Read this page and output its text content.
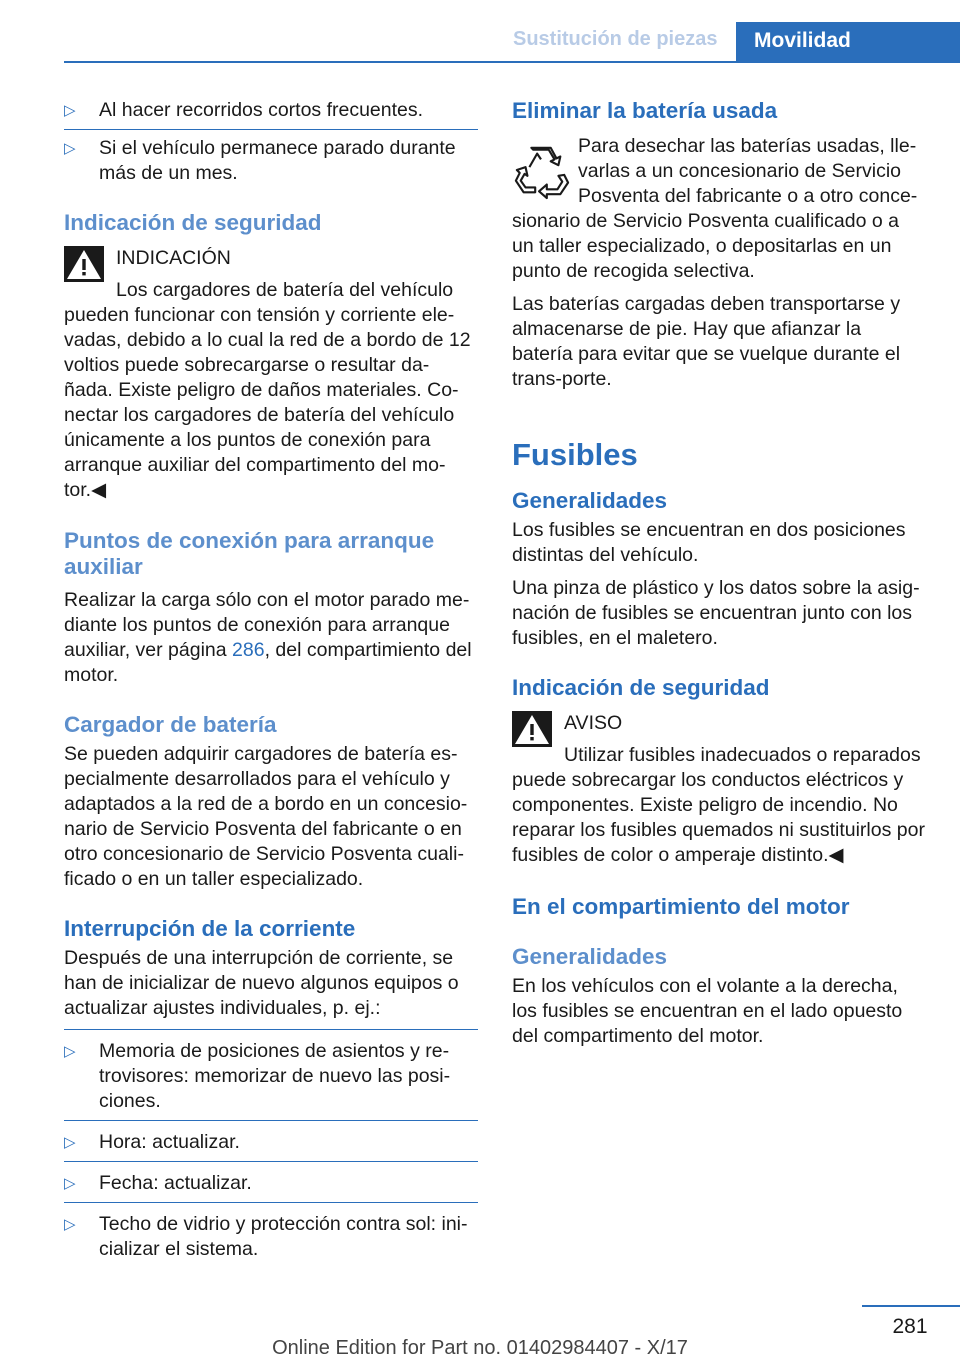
Sustitución de piezas Movilidad
▷ Al hacer recorridos cortos frecuentes.
▷ Si el vehículo permanece parado durante más de un mes.
Indicación de seguridad
INDICACIÓN
Los cargadores de batería del vehículo

pueden funcionar con tensión y corriente ele-vadas, debido a lo cual la red de a bordo de 12 voltios puede sobrecargarse o resultar da-ñada. Existe peligro de daños materiales. Co-nectar los cargadores de batería del vehículo únicamente a los puntos de conexión para arranque auxiliar del compartimento del mo-tor.◀

Puntos de conexión para arranque auxiliar

Realizar la carga sólo con el motor parado me-diante los puntos de conexión para arranque auxiliar, ver página 286, del compartimiento del motor.

Cargador de batería

Se pueden adquirir cargadores de batería es-pecialmente desarrollados para el vehículo y adaptados a la red de a bordo en un concesio-nario de Servicio Posventa del fabricante o en otro concesionario de Servicio Posventa cuali-ficado o en un taller especializado.

Interrupción de la corriente

Después de una interrupción de corriente, se han de inicializar de nuevo algunos equipos o actualizar ajustes individuales, p. ej.:

▷ Memoria de posiciones de asientos y re-trovisores: memorizar de nuevo las posi-ciones.
▷ Hora: actualizar.
▷ Fecha: actualizar.
▷ Techo de vidrio y protección contra sol: ini-cializar el sistema.
Eliminar la batería usada

Para desechar las baterías usadas, lle-varlas a un concesionario de Servicio Posventa del fabricante o a otro conce-sionario de Servicio Posventa cualificado o a un taller especializado, o depositarlas en un punto de recogida selectiva.

Las baterías cargadas deben transportarse y almacenarse de pie. Hay que afianzar la batería para evitar que se vuelque durante el trans-porte.

Fusibles
Generalidades

Los fusibles se encuentran en dos posiciones distintas del vehículo.

Una pinza de plástico y los datos sobre la asig-nación de fusibles se encuentran junto con los fusibles, en el maletero.

Indicación de seguridad
AVISO
Utilizar fusibles inadecuados o reparados

puede sobrecargar los conductos eléctricos y componentes. Existe peligro de incendio. No reparar los fusibles quemados ni sustituirlos por fusibles de color o amperaje distinto.◀

En el compartimiento del motor
Generalidades

En los vehículos con el volante a la derecha, los fusibles se encuentran en el lado opuesto del compartimento del motor.

281
Online Edition for Part no. 01402984407 - X/17
